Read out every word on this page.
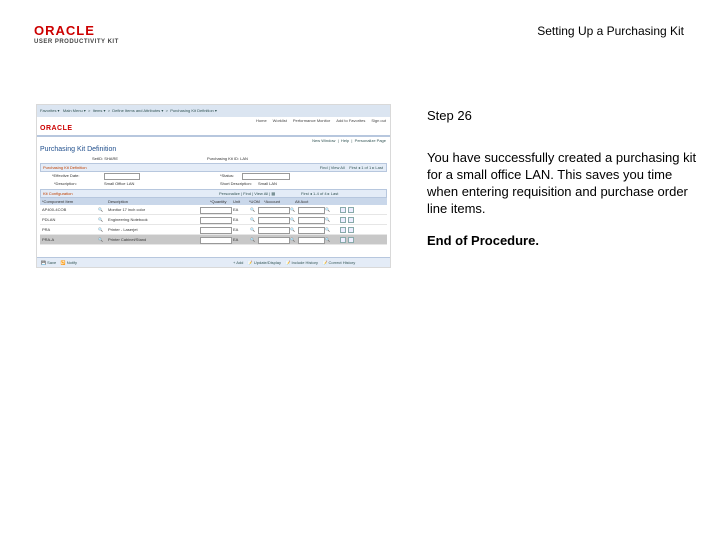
ORACLE
USER PRODUCTIVITY KIT
Setting Up a Purchasing Kit
Favorites ▾   Main Menu ▾  >  Items ▾  >  Define Items and Attributes ▾  >  Purchasing Kit Definition ▾
Home Worklist Performance Monitor Add to Favorites Sign out
ORACLE
New Window  |  Help  |  Personalize Page
Purchasing Kit Definition
SetID: SHARE	Purchasing Kit ID: LAN
Purchasing Kit Definition	Find | View All    First ◂ 1 of 1 ▸ Last
*Effective Date:	*Status:
*Description:	Small Office LAN	Short Description: Small LAN
Kit Configuration	Personalize | Find | View All | ▦	First ◂ 1-4 of 4 ▸ Last
*Component Item	Description	*Quantity Unit *UOM *Account	Alt Acct
AP400-4COB	🔍 Monitor 17 inch color	EA	🔍	🔍	🔍
PDLAN	🔍 Engineering Notebook	EA	🔍	🔍	🔍
PRA	🔍 Printer - Laserjet	EA	🔍	🔍	🔍
PRA-A	🔍 Printer Cabinet/Stand	EA	🔍	🔍	🔍
💾 Save    🔁 Notify	+ Add    📝 Update/Display    📝 Include History    📝 Correct History
Step 26
You have successfully created a purchasing kit for a small office LAN. This saves you time when entering requisition and purchase order line items.
End of Procedure.
